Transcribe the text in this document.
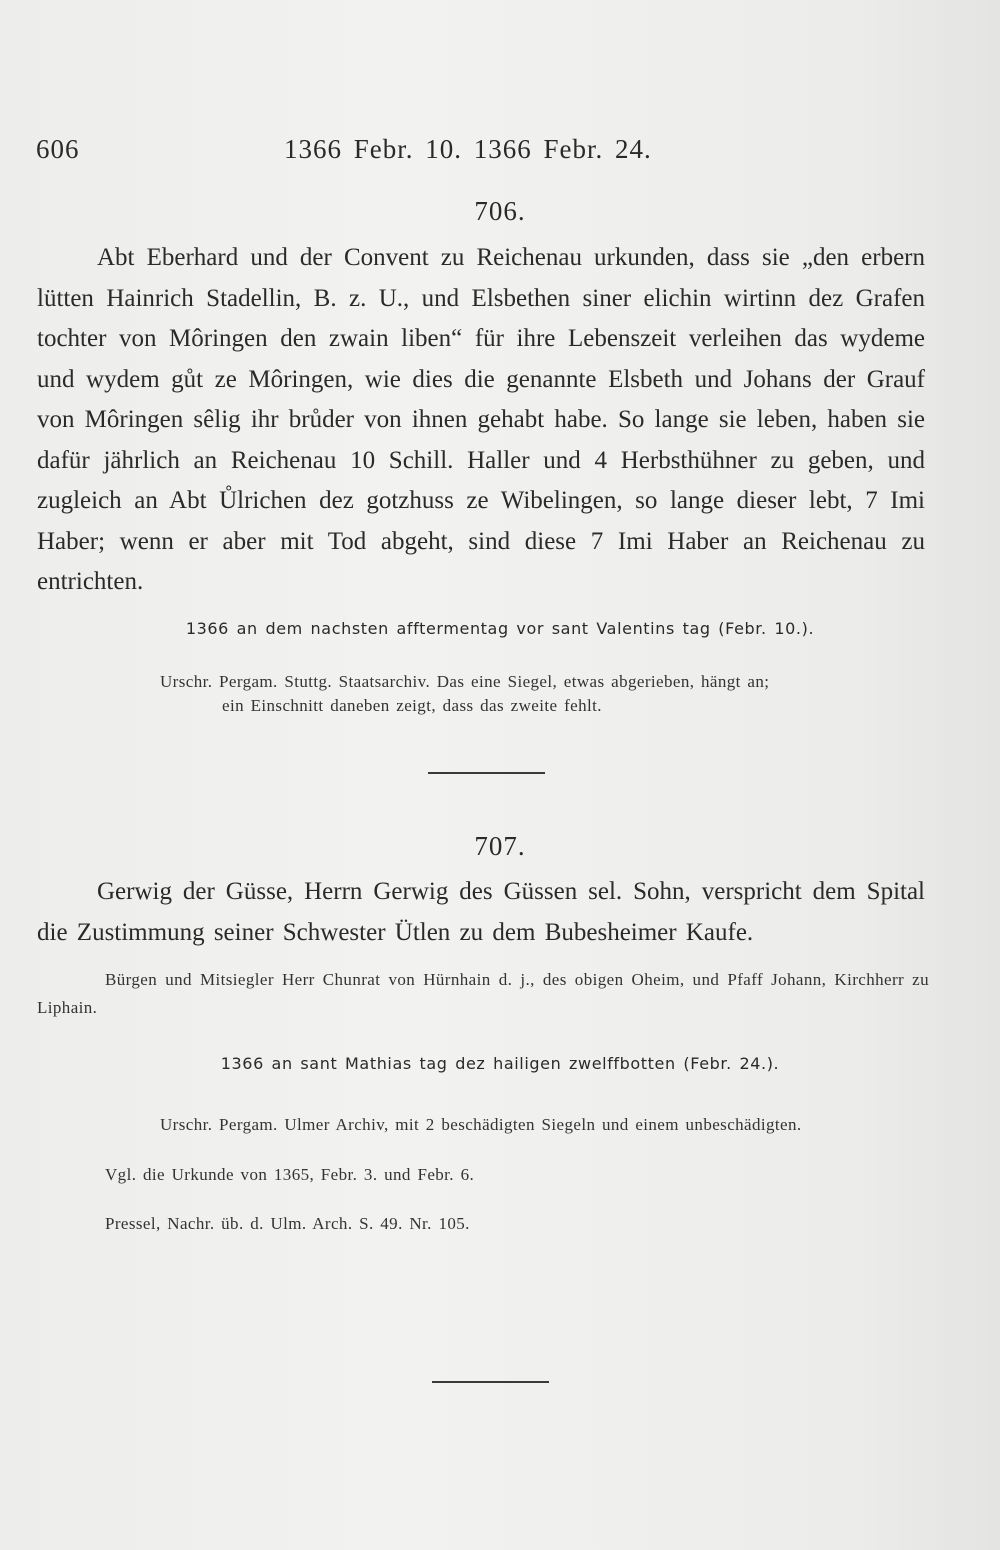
606	1366 Febr. 10. 1366 Febr. 24.
706.

Abt Eberhard und der Convent zu Reichenau urkunden, dass sie „den erbern lütten Hainrich Stadellin, B. z. U., und Elsbethen siner elichin wirtinn dez Grafen tochter von Môringen den zwain liben“ für ihre Lebenszeit verleihen das wydeme und wydem gůt ze Môringen, wie dies die genannte Elsbeth und Johans der Grauf von Môringen sêlig ihr brůder von ihnen gehabt habe. So lange sie leben, haben sie dafür jährlich an Reichenau 10 Schill. Haller und 4 Herbsthühner zu geben, und zugleich an Abt Ůlrichen dez gotzhuss ze Wibelingen, so lange dieser lebt, 7 Imi Haber; wenn er aber mit Tod abgeht, sind diese 7 Imi Haber an Reichenau zu entrichten.

1366 an dem nachsten afftermentag vor sant Valentins tag (Febr. 10.).

Urschr. Pergam. Stuttg. Staatsarchiv. Das eine Siegel, etwas abgerieben, hängt an;

ein Einschnitt daneben zeigt, dass das zweite fehlt.

707.

Gerwig der Güsse, Herrn Gerwig des Güssen sel. Sohn, verspricht dem Spital die Zustimmung seiner Schwester Ütlen zu dem Bubesheimer Kaufe.

Bürgen und Mitsiegler Herr Chunrat von Hürnhain d. j., des obigen Oheim, und Pfaff Johann, Kirchherr zu Liphain.

1366 an sant Mathias tag dez hailigen zwelffbotten (Febr. 24.).

Urschr. Pergam. Ulmer Archiv, mit 2 beschädigten Siegeln und einem unbeschädigten.

Vgl. die Urkunde von 1365, Febr. 3. und Febr. 6.

Pressel, Nachr. üb. d. Ulm. Arch. S. 49. Nr. 105.
